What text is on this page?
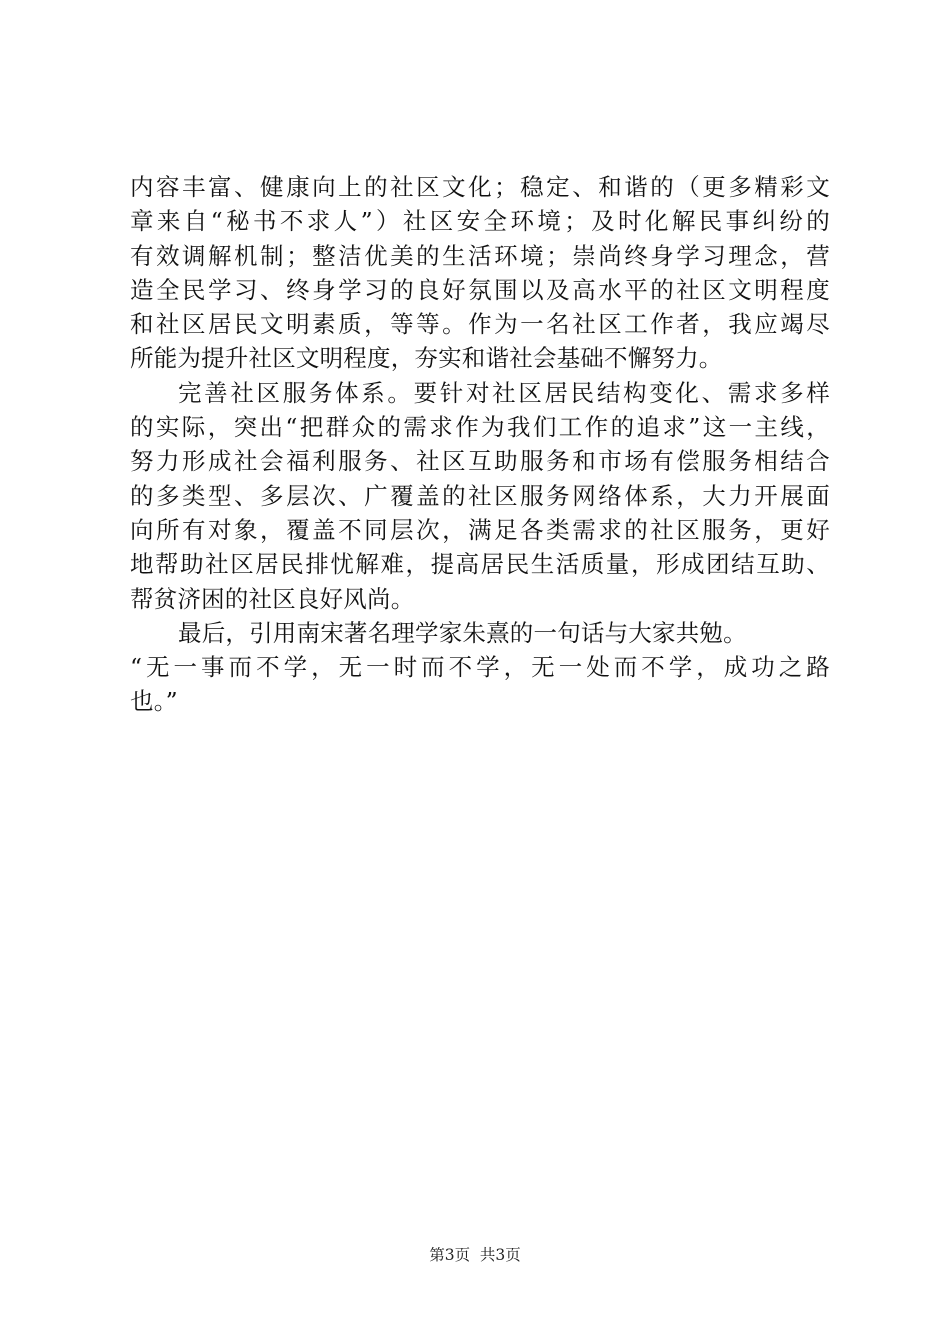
内容丰富、健康向上的社区文化；稳定、和谐的（更多精彩文
章来自“秘书不求人”）社区安全环境；及时化解民事纠纷的
有效调解机制；整洁优美的生活环境；崇尚终身学习理念，营
造全民学习、终身学习的良好氛围以及高水平的社区文明程度
和社区居民文明素质，等等。作为一名社区工作者，我应竭尽
所能为提升社区文明程度，夯实和谐社会基础不懈努力。
完善社区服务体系。要针对社区居民结构变化、需求多样
的实际，突出“把群众的需求作为我们工作的追求”这一主线，
努力形成社会福利服务、社区互助服务和市场有偿服务相结合
的多类型、多层次、广覆盖的社区服务网络体系，大力开展面
向所有对象，覆盖不同层次，满足各类需求的社区服务，更好
地帮助社区居民排忧解难，提高居民生活质量，形成团结互助、
帮贫济困的社区良好风尚。
最后，引用南宋著名理学家朱熹的一句话与大家共勉。
“无一事而不学，无一时而不学，无一处而不学，成功之路
也。”
第3页  共3页
